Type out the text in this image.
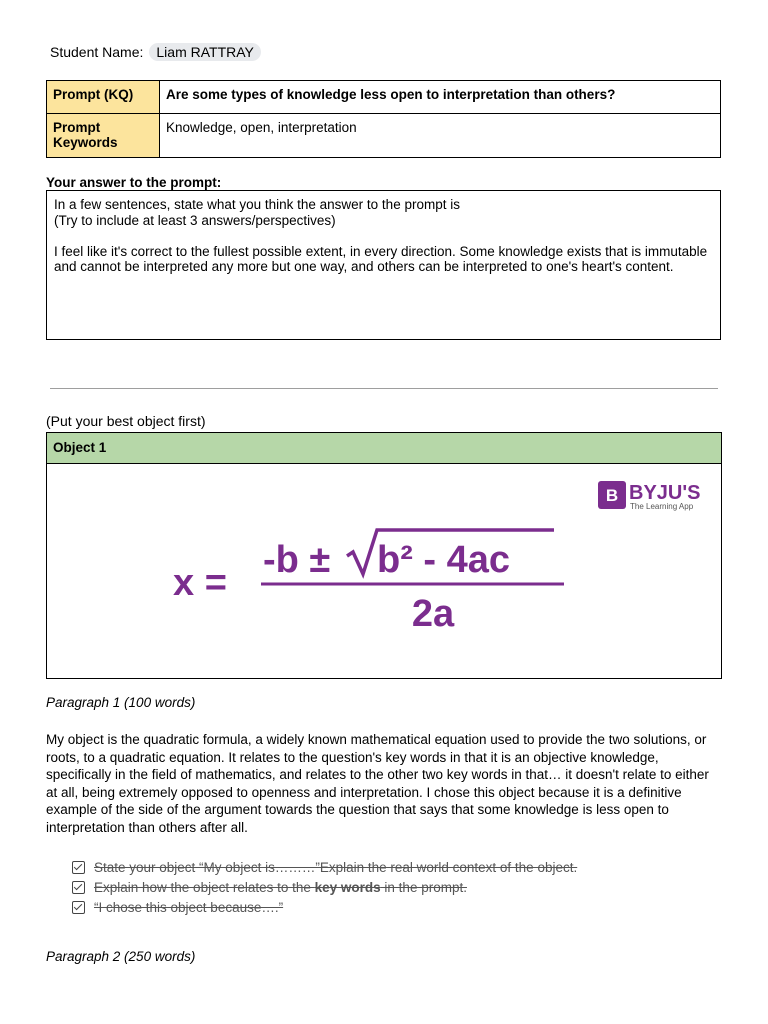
Student Name: Liam RATTRAY
Prompt (KQ)	Are some types of knowledge less open to interpretation than others?
Prompt Keywords	Knowledge, open, interpretation
Your answer to the prompt:

In a few sentences, state what you think the answer to the prompt is

(Try to include at least 3 answers/perspectives)

I feel like it's correct to the fullest possible extent, in every direction. Some knowledge exists that is immutable and cannot be interpreted any more but one way, and others can be interpreted to one's heart's content.

(Put your best object first)
Object 1
B BYJU'S
The Learning App
x =
-b ± b² - 4ac
2a
Paragraph 1 (100 words)
My object is the quadratic formula, a widely known mathematical equation used to provide the two solutions, or roots, to a quadratic equation. It relates to the question's key words in that it is an objective knowledge, specifically in the field of mathematics, and relates to the other two key words in that… it doesn't relate to either at all, being extremely opposed to openness and interpretation. I chose this object because it is a definitive example of the side of the argument towards the question that says that some knowledge is less open to interpretation than others after all.
State your object “My object is………”Explain the real world context of the object.
Explain how the object relates to the key words in the prompt.
“I chose this object because….”
Paragraph 2 (250 words)
